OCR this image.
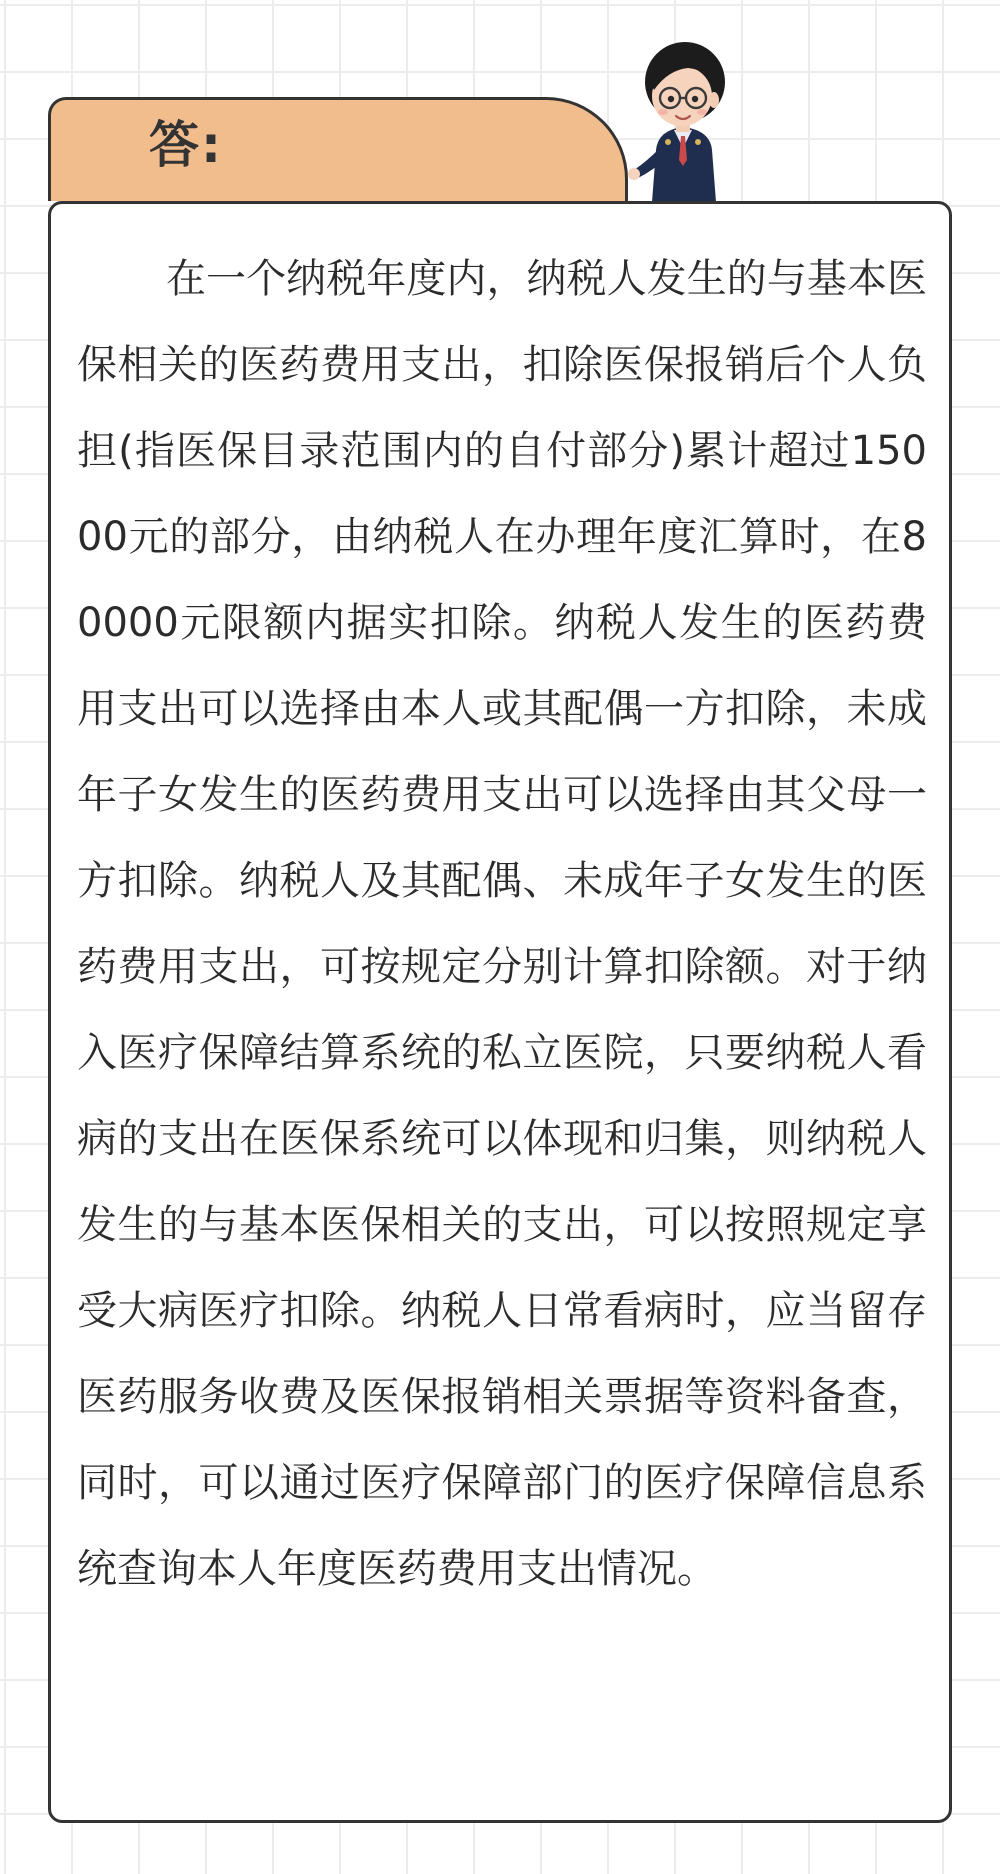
答:

在一个纳税年度内，纳税人发生的与基本医保相关的医药费用支出，扣除医保报销后个人负担(指医保目录范围内的自付部分)累计超过15000元的部分，由纳税人在办理年度汇算时，在80000元限额内据实扣除。纳税人发生的医药费用支出可以选择由本人或其配偶一方扣除，未成年子女发生的医药费用支出可以选择由其父母一方扣除。纳税人及其配偶、未成年子女发生的医药费用支出，可按规定分别计算扣除额。对于纳入医疗保障结算系统的私立医院，只要纳税人看病的支出在医保系统可以体现和归集，则纳税人发生的与基本医保相关的支出，可以按照规定享受大病医疗扣除。纳税人日常看病时，应当留存医药服务收费及医保报销相关票据等资料备查，同时，可以通过医疗保障部门的医疗保障信息系统查询本人年度医药费用支出情况。
